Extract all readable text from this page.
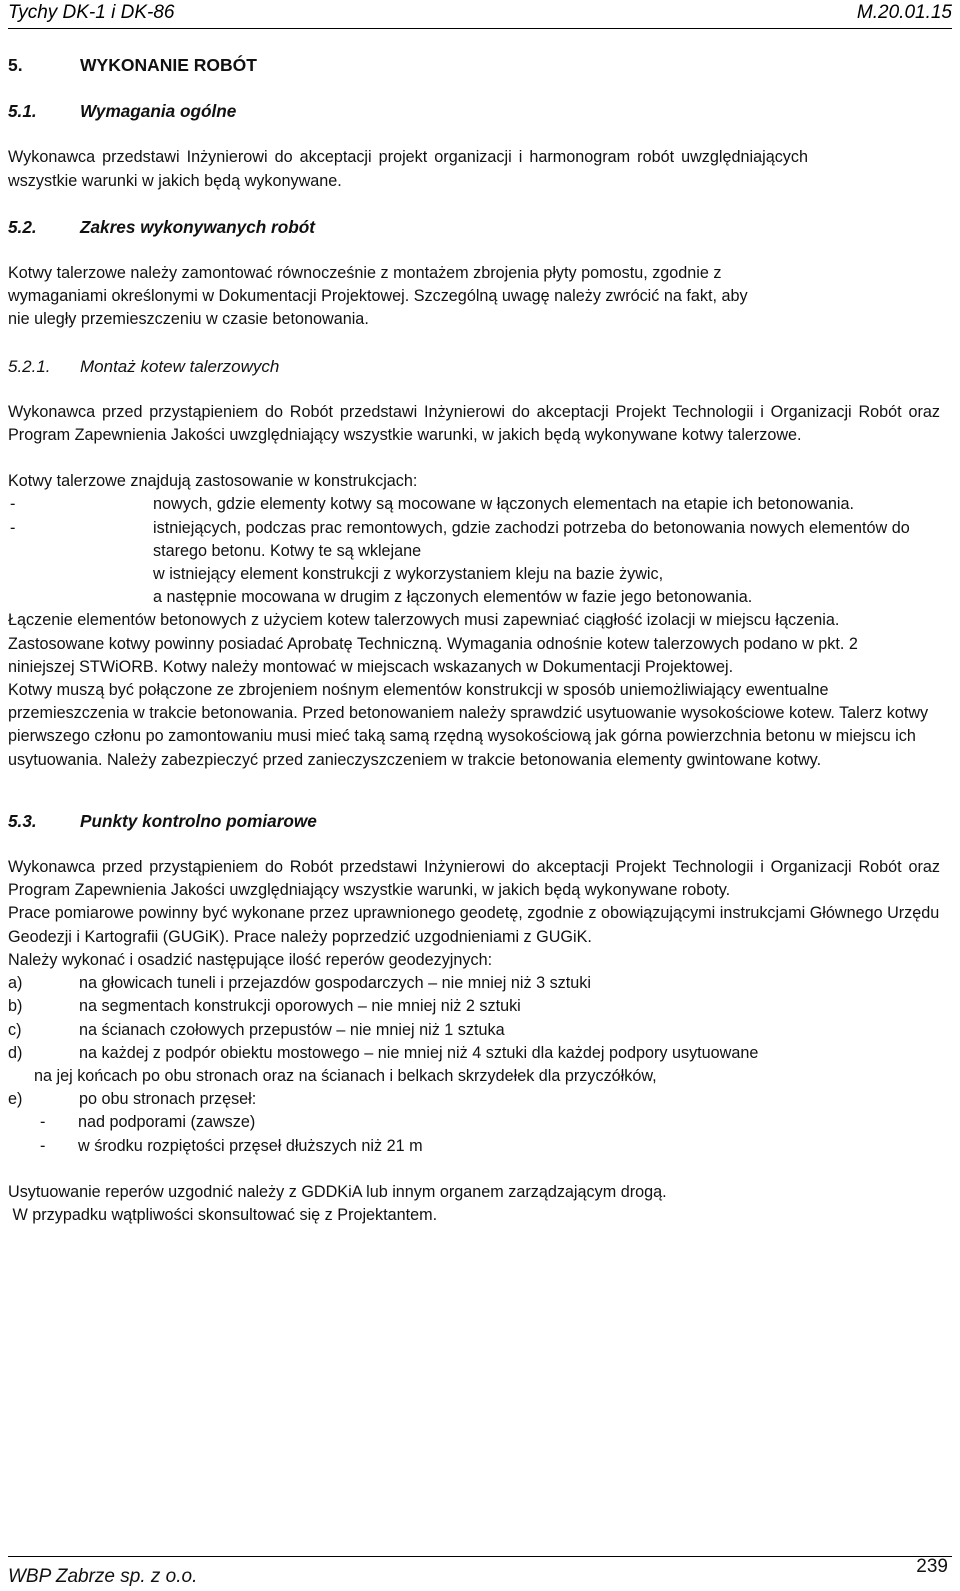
Tychy DK-1 i DK-86	M.20.01.15

5.	WYKONANIE ROBÓT

5.1.	Wymagania ogólne

Wykonawca przedstawi Inżynierowi do akceptacji projekt organizacji i harmonogram robót uwzględniających wszystkie warunki w jakich będą wykonywane.

5.2.	Zakres wykonywanych robót

Kotwy talerzowe należy zamontować równocześnie z montażem zbrojenia płyty pomostu, zgodnie z wymaganiami określonymi w Dokumentacji Projektowej. Szczególną uwagę należy zwrócić na fakt, aby nie uległy przemieszczeniu w czasie betonowania.

5.2.1. Montaż kotew talerzowych

Wykonawca przed przystąpieniem do Robót przedstawi Inżynierowi do akceptacji Projekt Technologii i Organizacji Robót oraz Program Zapewnienia Jakości uwzględniający wszystkie warunki, w jakich będą wykonywane kotwy talerzowe.

Kotwy talerzowe znajdują zastosowanie w konstrukcjach:

-	nowych, gdzie elementy kotwy są mocowane w łączonych elementach na etapie ich betonowania.
-	istniejących, podczas prac remontowych, gdzie zachodzi potrzeba do betonowania nowych elementów do starego betonu. Kotwy te są wklejane

w istniejący element konstrukcji z wykorzystaniem kleju na bazie żywic,

a następnie mocowana w drugim z łączonych elementów w fazie jego betonowania.

Łączenie elementów betonowych z użyciem kotew talerzowych musi zapewniać ciągłość izolacji w miejscu łączenia. Zastosowane kotwy powinny posiadać Aprobatę Techniczną. Wymagania odnośnie kotew talerzowych podano w pkt. 2 niniejszej STWiORB. Kotwy należy montować w miejscach wskazanych w Dokumentacji Projektowej.

Kotwy muszą być połączone ze zbrojeniem nośnym elementów konstrukcji w sposób uniemożliwiający ewentualne przemieszczenia w trakcie betonowania. Przed betonowaniem należy sprawdzić usytuowanie wysokościowe kotew. Talerz kotwy pierwszego członu po zamontowaniu musi mieć taką samą rzędną wysokościową jak górna powierzchnia betonu w miejscu ich usytuowania. Należy zabezpieczyć przed zanieczyszczeniem w trakcie betonowania elementy gwintowane kotwy.

5.3.	Punkty kontrolno pomiarowe

Wykonawca przed przystąpieniem do Robót przedstawi Inżynierowi do akceptacji Projekt Technologii i Organizacji Robót oraz Program Zapewnienia Jakości uwzględniający wszystkie warunki, w jakich będą wykonywane roboty.

Prace pomiarowe powinny być wykonane przez uprawnionego geodetę, zgodnie z obowiązującymi instrukcjami Głównego Urzędu Geodezji i Kartografii (GUGiK). Prace należy poprzedzić uzgodnieniami z GUGiK.

Należy wykonać i osadzić następujące ilość reperów geodezyjnych:

a)	na głowicach tuneli i przejazdów gospodarczych – nie mniej niż 3 sztuki
b)	na segmentach konstrukcji oporowych – nie mniej niż 2 sztuki
c)	na ścianach czołowych przepustów – nie mniej niż 1 sztuka
d)	na każdej z podpór obiektu mostowego – nie mniej niż 4 sztuki dla każdej podpory usytuowane

na jej końcach po obu stronach oraz na ścianach i belkach skrzydełek dla przyczółków,

e)	po obu stronach przęseł:
-	nad podporami (zawsze)
-	w środku rozpiętości przęseł dłuższych niż 21 m

Usytuowanie reperów uzgodnić należy z GDDKiA lub innym organem zarządzającym drogą.

W przypadku wątpliwości skonsultować się z Projektantem.

WBP Zabrze sp. z o.o.	239
